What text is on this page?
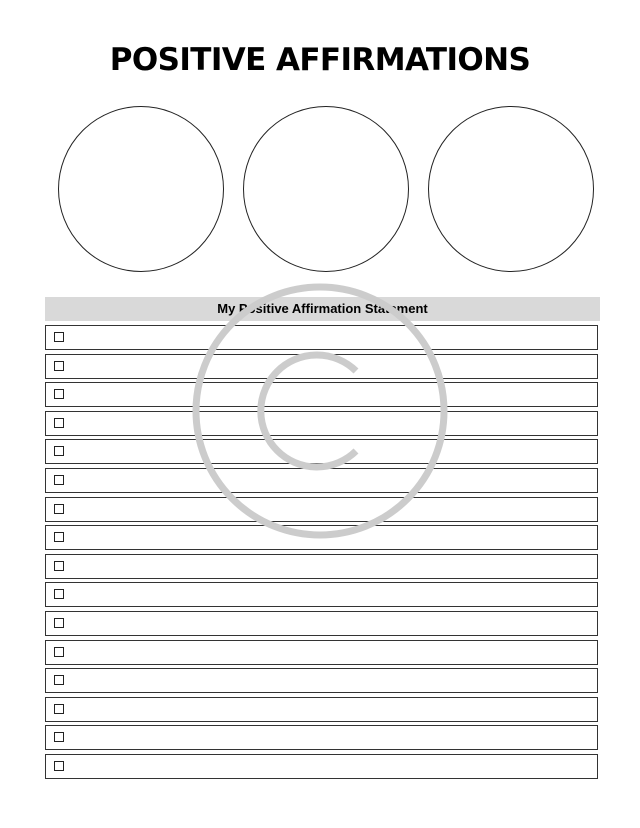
POSITIVE AFFIRMATIONS
My Positive Affirmation Statement
